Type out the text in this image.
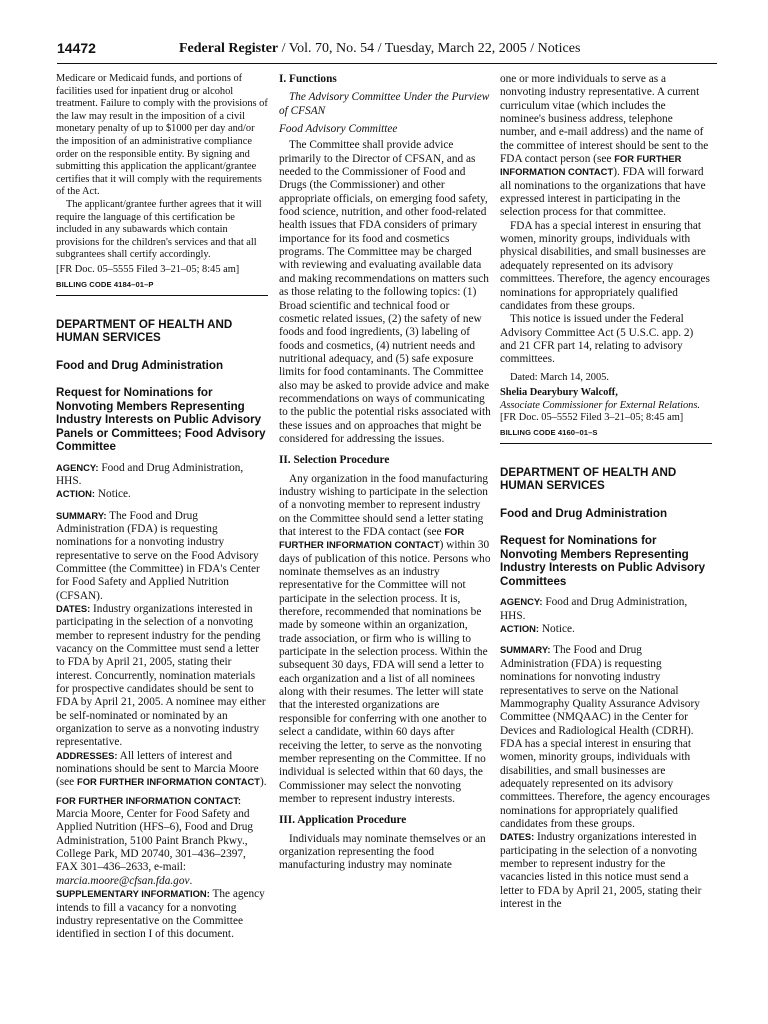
14472	Federal Register / Vol. 70, No. 54 / Tuesday, March 22, 2005 / Notices

Medicare or Medicaid funds, and portions of facilities used for inpatient drug or alcohol treatment. Failure to comply with the provisions of the law may result in the imposition of a civil monetary penalty of up to $1000 per day and/or the imposition of an administrative compliance order on the responsible entity. By signing and submitting this application the applicant/grantee certifies that it will comply with the requirements of the Act.

The applicant/grantee further agrees that it will require the language of this certification be included in any subawards which contain provisions for the children's services and that all subgrantees shall certify accordingly.

[FR Doc. 05–5555 Filed 3–21–05; 8:45 am]

BILLING CODE 4184–01–P

DEPARTMENT OF HEALTH AND HUMAN SERVICES

Food and Drug Administration

Request for Nominations for Nonvoting Members Representing Industry Interests on Public Advisory Panels or Committees; Food Advisory Committee

AGENCY: Food and Drug Administration, HHS.

ACTION: Notice.

SUMMARY: The Food and Drug Administration (FDA) is requesting nominations for a nonvoting industry representative to serve on the Food Advisory Committee (the Committee) in FDA's Center for Food Safety and Applied Nutrition (CFSAN).

DATES: Industry organizations interested in participating in the selection of a nonvoting member to represent industry for the pending vacancy on the Committee must send a letter to FDA by April 21, 2005, stating their interest. Concurrently, nomination materials for prospective candidates should be sent to FDA by April 21, 2005. A nominee may either be self-nominated or nominated by an organization to serve as a nonvoting industry representative.

ADDRESSES: All letters of interest and nominations should be sent to Marcia Moore (see FOR FURTHER INFORMATION CONTACT).

FOR FURTHER INFORMATION CONTACT:

Marcia Moore, Center for Food Safety and Applied Nutrition (HFS–6), Food and Drug Administration, 5100 Paint Branch Pkwy., College Park, MD 20740, 301–436–2397, FAX 301–436–2633, e-mail: marcia.moore@cfsan.fda.gov.

SUPPLEMENTARY INFORMATION: The agency intends to fill a vacancy for a nonvoting industry representative on the Committee identified in section I of this document.

I. Functions

The Advisory Committee Under the Purview of CFSAN

Food Advisory Committee

The Committee shall provide advice primarily to the Director of CFSAN, and as needed to the Commissioner of Food and Drugs (the Commissioner) and other appropriate officials, on emerging food safety, food science, nutrition, and other food-related health issues that FDA considers of primary importance for its food and cosmetics programs. The Committee may be charged with reviewing and evaluating available data and making recommendations on matters such as those relating to the following topics: (1) Broad scientific and technical food or cosmetic related issues, (2) the safety of new foods and food ingredients, (3) labeling of foods and cosmetics, (4) nutrient needs and nutritional adequacy, and (5) safe exposure limits for food contaminants. The Committee also may be asked to provide advice and make recommendations on ways of communicating to the public the potential risks associated with these issues and on approaches that might be considered for addressing the issues.

II. Selection Procedure

Any organization in the food manufacturing industry wishing to participate in the selection of a nonvoting member to represent industry on the Committee should send a letter stating that interest to the FDA contact (see FOR FURTHER INFORMATION CONTACT) within 30 days of publication of this notice. Persons who nominate themselves as an industry representative for the Committee will not participate in the selection process. It is, therefore, recommended that nominations be made by someone within an organization, trade association, or firm who is willing to participate in the selection process. Within the subsequent 30 days, FDA will send a letter to each organization and a list of all nominees along with their resumes. The letter will state that the interested organizations are responsible for conferring with one another to select a candidate, within 60 days after receiving the letter, to serve as the nonvoting member representing on the Committee. If no individual is selected within that 60 days, the Commissioner may select the nonvoting member to represent industry interests.

III. Application Procedure

Individuals may nominate themselves or an organization representing the food manufacturing industry may nominate

one or more individuals to serve as a nonvoting industry representative. A current curriculum vitae (which includes the nominee's business address, telephone number, and e-mail address) and the name of the committee of interest should be sent to the FDA contact person (see FOR FURTHER INFORMATION CONTACT). FDA will forward all nominations to the organizations that have expressed interest in participating in the selection process for that committee.

FDA has a special interest in ensuring that women, minority groups, individuals with physical disabilities, and small businesses are adequately represented on its advisory committees. Therefore, the agency encourages nominations for appropriately qualified candidates from these groups.

This notice is issued under the Federal Advisory Committee Act (5 U.S.C. app. 2) and 21 CFR part 14, relating to advisory committees.

Dated: March 14, 2005.

Shelia Dearybury Walcoff,

Associate Commissioner for External Relations.

[FR Doc. 05–5552 Filed 3–21–05; 8:45 am]

BILLING CODE 4160–01–S

DEPARTMENT OF HEALTH AND HUMAN SERVICES

Food and Drug Administration

Request for Nominations for Nonvoting Members Representing Industry Interests on Public Advisory Committees

AGENCY: Food and Drug Administration, HHS.

ACTION: Notice.

SUMMARY: The Food and Drug Administration (FDA) is requesting nominations for nonvoting industry representatives to serve on the National Mammography Quality Assurance Advisory Committee (NMQAAC) in the Center for Devices and Radiological Health (CDRH). FDA has a special interest in ensuring that women, minority groups, individuals with disabilities, and small businesses are adequately represented on its advisory committees. Therefore, the agency encourages nominations for appropriately qualified candidates from these groups.

DATES: Industry organizations interested in participating in the selection of a nonvoting member to represent industry for the vacancies listed in this notice must send a letter to FDA by April 21, 2005, stating their interest in the
